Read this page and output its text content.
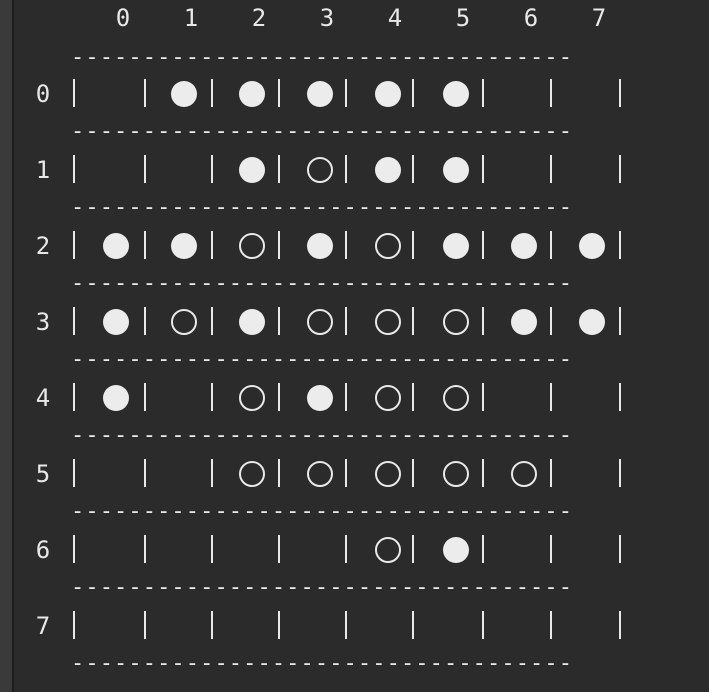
0 1 2 3 4 5 6 7
-----------------------------------
-----------------------------------
-----------------------------------
-----------------------------------
-----------------------------------
-----------------------------------
-----------------------------------
-----------------------------------
-----------------------------------
0
1
2
3
4
5
6
7
